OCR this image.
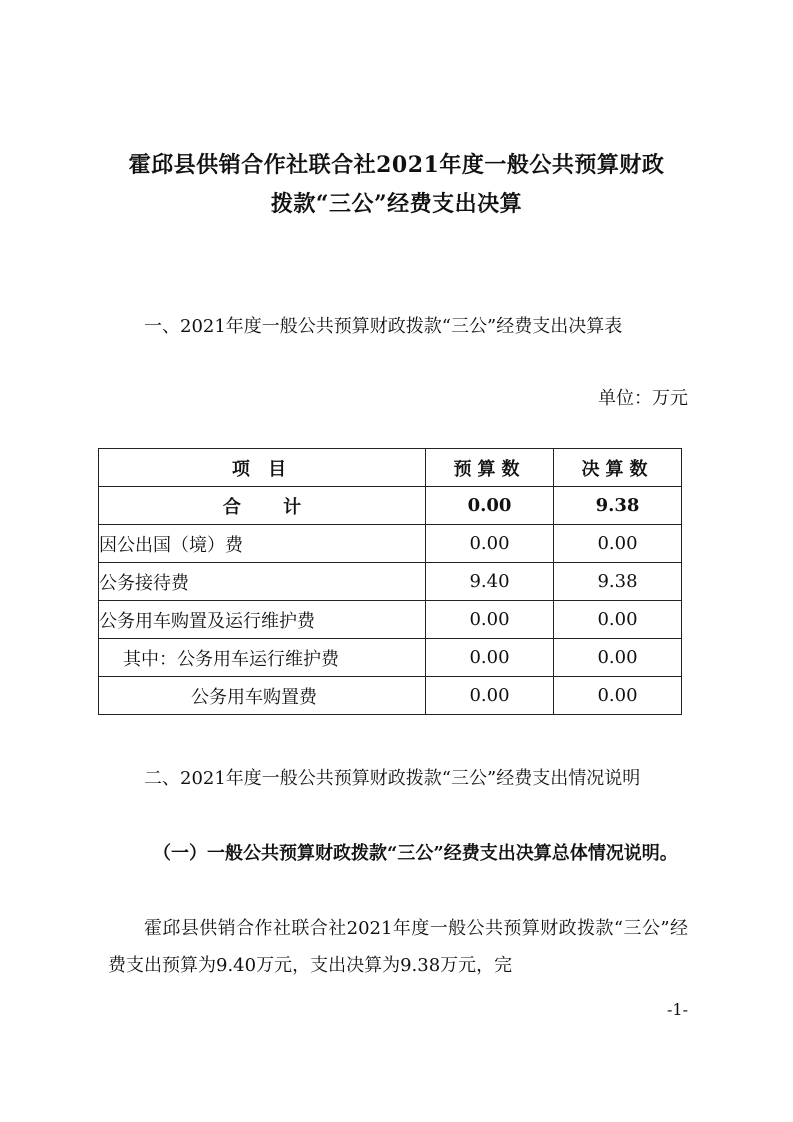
霍邱县供销合作社联合社2021年度一般公共预算财政
拨款“三公”经费支出决算

一、2021年度一般公共预算财政拨款“三公”经费支出决算表

单位：万元

项 目	预算数	决算数
合 计	0.00	9.38
因公出国（境）费	0.00	0.00
公务接待费	9.40	9.38
公务用车购置及运行维护费	0.00	0.00
其中：公务用车运行维护费	0.00	0.00
公务用车购置费	0.00	0.00

二、2021年度一般公共预算财政拨款“三公”经费支出情况说明

（一）一般公共预算财政拨款“三公”经费支出决算总体情况说明。

霍邱县供销合作社联合社2021年度一般公共预算财政拨款“三公”经费支出预算为9.40万元，支出决算为9.38万元，完

-1-
